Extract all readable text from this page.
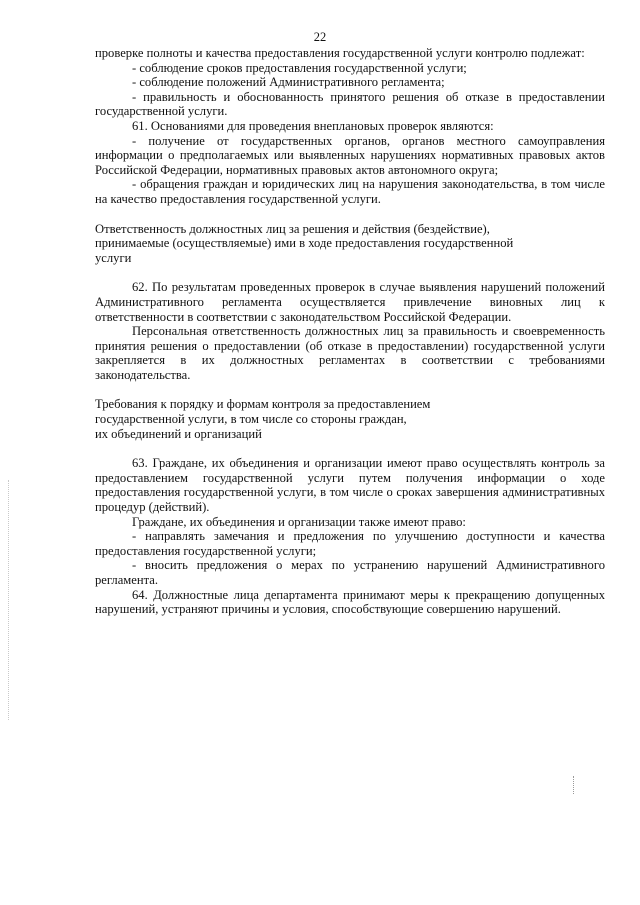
22

проверке полноты и качества предоставления государственной услуги контролю подлежат:

- соблюдение сроков предоставления государственной услуги;

- соблюдение положений Административного регламента;

- правильность и обоснованность принятого решения об отказе в предоставлении государственной услуги.

61. Основаниями для проведения внеплановых проверок являются:

- получение от государственных органов, органов местного самоуправления информации о предполагаемых или выявленных нарушениях нормативных правовых актов Российской Федерации, нормативных правовых актов автономного округа;

- обращения граждан и юридических лиц на нарушения законодательства, в том числе на качество предоставления государственной услуги.

Ответственность должностных лиц за решения и действия (бездействие),

принимаемые (осуществляемые) ими в ходе предоставления государственной

услуги

62. По результатам проведенных проверок в случае выявления нарушений положений Административного регламента осуществляется привлечение виновных лиц к ответственности в соответствии с законодательством Российской Федерации.

Персональная ответственность должностных лиц за правильность и своевременность принятия решения о предоставлении (об отказе в предоставлении) государственной услуги закрепляется в их должностных регламентах в соответствии с требованиями законодательства.

Требования к порядку и формам контроля за предоставлением

государственной услуги, в том числе со стороны граждан,

их объединений и организаций

63. Граждане, их объединения и организации имеют право осуществлять контроль за предоставлением государственной услуги путем получения информации о ходе предоставления государственной услуги, в том числе о сроках завершения административных процедур (действий).

Граждане, их объединения и организации также имеют право:

- направлять замечания и предложения по улучшению доступности и качества предоставления государственной услуги;

- вносить предложения о мерах по устранению нарушений Административного регламента.

64. Должностные лица департамента принимают меры к прекращению допущенных нарушений, устраняют причины и условия, способствующие совершению нарушений.
